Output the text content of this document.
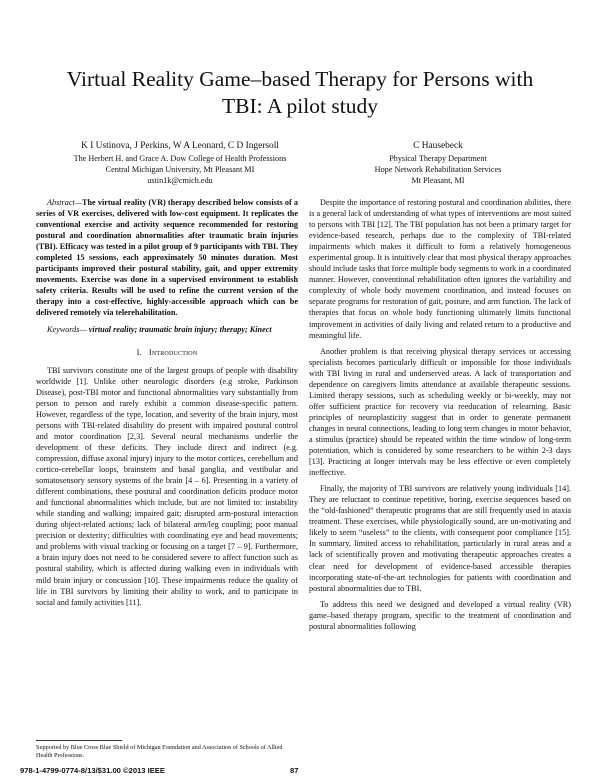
Virtual Reality Game–based Therapy for Persons with
TBI: A pilot study
K I Ustinova, J Perkins, W A Leonard, C D Ingersoll
The Herbert H. and Grace A. Dow College of Health Professions
Central Michigan University, Mt Pleasant MI
ustin1k@cmich.edu
C Hausebeck
Physical Therapy Department
Hope Network Rehabilitation Services
Mt Pleasant, MI

Abstract—The virtual reality (VR) therapy described below consists of a series of VR exercises, delivered with low-cost equipment. It replicates the conventional exercise and activity sequence recommended for restoring postural and coordination abnormalities after traumatic brain injuries (TBI). Efficacy was tested in a pilot group of 9 participants with TBI. They completed 15 sessions, each approximately 50 minutes duration. Most participants improved their postural stability, gait, and upper extremity movements. Exercise was done in a supervised environment to establish safety criteria. Results will be used to refine the current version of the therapy into a cost-effective, highly-accessible approach which can be delivered remotely via telerehabilitation.

Keywords— virtual reality; traumatic brain injury; therapy; Kinect

I. Introduction

TBI survivors constitute one of the largest groups of people with disability worldwide [1]. Unlike other neurologic disorders (e.g stroke, Parkinson Disease), post-TBI motor and functional abnormalities vary substantially from person to person and rarely exhibit a common disease-specific pattern. However, regardless of the type, location, and severity of the brain injury, most persons with TBI-related disability do present with impaired postural control and motor coordination [2,3]. Several neural mechanisms underlie the development of these deficits. They include direct and indirect (e.g. compression, diffuse axonal injury) injury to the motor cortices, cerebellum and cortico-cerebellar loops, brainstem and basal ganglia, and vestibular and somatosensory sensory systems of the brain [4 – 6]. Presenting in a variety of different combinations, these postural and coordination deficits produce motor and functional abnormalities which include, but are not limited to: instability while standing and walking; impaired gait; disrupted arm-postural interaction during object-related actions; lack of bilateral arm/leg coupling; poor manual precision or dexterity; difficulties with coordinating eye and head movements; and problems with visual tracking or focusing on a target [7 – 9]. Furthermore, a brain injury does not need to be considered severe to affect function such as postural stability, which is affected during walking even in individuals with mild brain injury or concussion [10]. These impairments reduce the quality of life in TBI survivors by limiting their ability to work, and to participate in social and family activities [11].

Despite the importance of restoring postural and coordination abilities, there is a general lack of understanding of what types of interventions are most suited to persons with TBI [12]. The TBI population has not been a primary target for evidence-based research, perhaps due to the complexity of TBI-related impairments which makes it difficult to form a relatively homogeneous experimental group. It is intuitively clear that most physical therapy approaches should include tasks that force multiple body segments to work in a coordinated manner. However, conventional rehabilitation often ignores the variability and complexity of whole body movement coordination, and instead focuses on separate programs for restoration of gait, posture, and arm function. The lack of therapies that focus on whole body functioning ultimately limits functional improvement in activities of daily living and related return to a productive and meaningful life.

Another problem is that receiving physical therapy services or accessing specialists becomes particularly difficult or impossible for those individuals with TBI living in rural and underserved areas. A lack of transportation and dependence on caregivers limits attendance at available therapeutic sessions. Limited therapy sessions, such as scheduling weekly or bi-weekly, may not offer sufficient practice for recovery via reeducation of relearning. Basic principles of neuroplasticity suggest that in order to generate permanent changes in neural connections, leading to long term changes in motor behavior, a stimulus (practice) should be repeated within the time window of long-term potentiation, which is considered by some researchers to be within 2-3 days [13]. Practicing at longer intervals may be less effective or even completely ineffective.

Finally, the majority of TBI survivors are relatively young individuals [14]. They are reluctant to continue repetitive, boring, exercise sequences based on the “old-fashioned” therapeutic programs that are still frequently used in ataxia treatment. These exercises, while physiologically sound, are un-motivating and likely to seem “useless” to the clients, with consequent poor compliance [15]. In summary, limited access to rehabilitation, particularly in rural areas and a lack of scientifically proven and motivating therapeutic approaches creates a clear need for development of evidence-based accessible therapies incorporating state-of-the-art technologies for patients with coordination and postural abnormalities due to TBI.

To address this need we designed and developed a virtual reality (VR) game–based therapy program, specific to the treatment of coordination and postural abnormalities following

Supported by Blue Cross Blue Shield of Michigan Foundation and Association of Schools of Allied Health Professions.
978-1-4799-0774-8/13/$31.00 ©2013 IEEE	87
